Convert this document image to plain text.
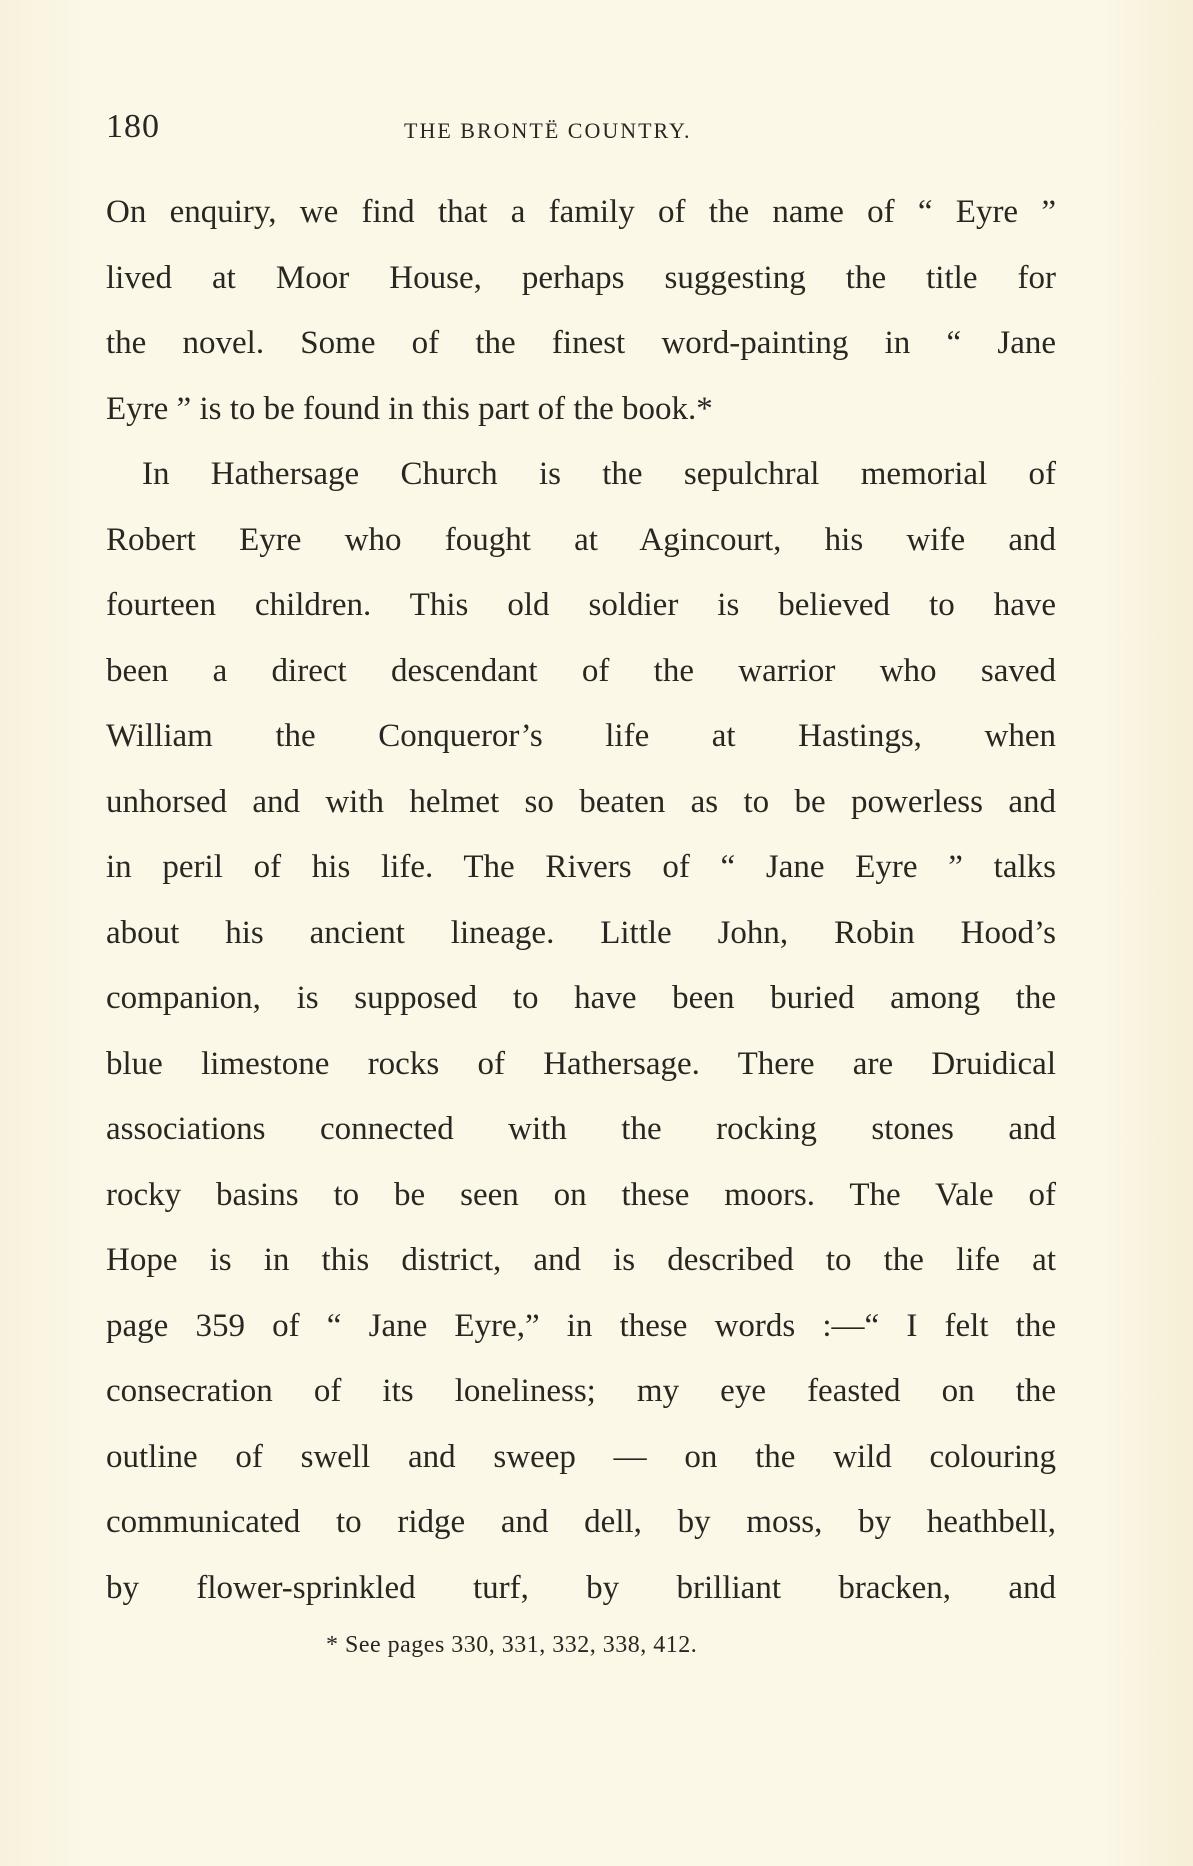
180	THE BRONTË COUNTRY.
On enquiry, we find that a family of the name of “ Eyre ”
lived at Moor House, perhaps suggesting the title for
the novel. Some of the finest word-painting in “ Jane
Eyre ” is to be found in this part of the book.*
In Hathersage Church is the sepulchral memorial of
Robert Eyre who fought at Agincourt, his wife and
fourteen children. This old soldier is believed to have
been a direct descendant of the warrior who saved
William the Conqueror’s life at Hastings, when
unhorsed and with helmet so beaten as to be powerless and
in peril of his life. The Rivers of “ Jane Eyre ” talks
about his ancient lineage. Little John, Robin Hood’s
companion, is supposed to have been buried among the
blue limestone rocks of Hathersage. There are Druidical
associations connected with the rocking stones and
rocky basins to be seen on these moors. The Vale of
Hope is in this district, and is described to the life at
page 359 of “ Jane Eyre,” in these words :—“ I felt the
consecration of its loneliness; my eye feasted on the
outline of swell and sweep — on the wild colouring
communicated to ridge and dell, by moss, by heathbell,
by flower-sprinkled turf, by brilliant bracken, and
* See pages 330, 331, 332, 338, 412.
